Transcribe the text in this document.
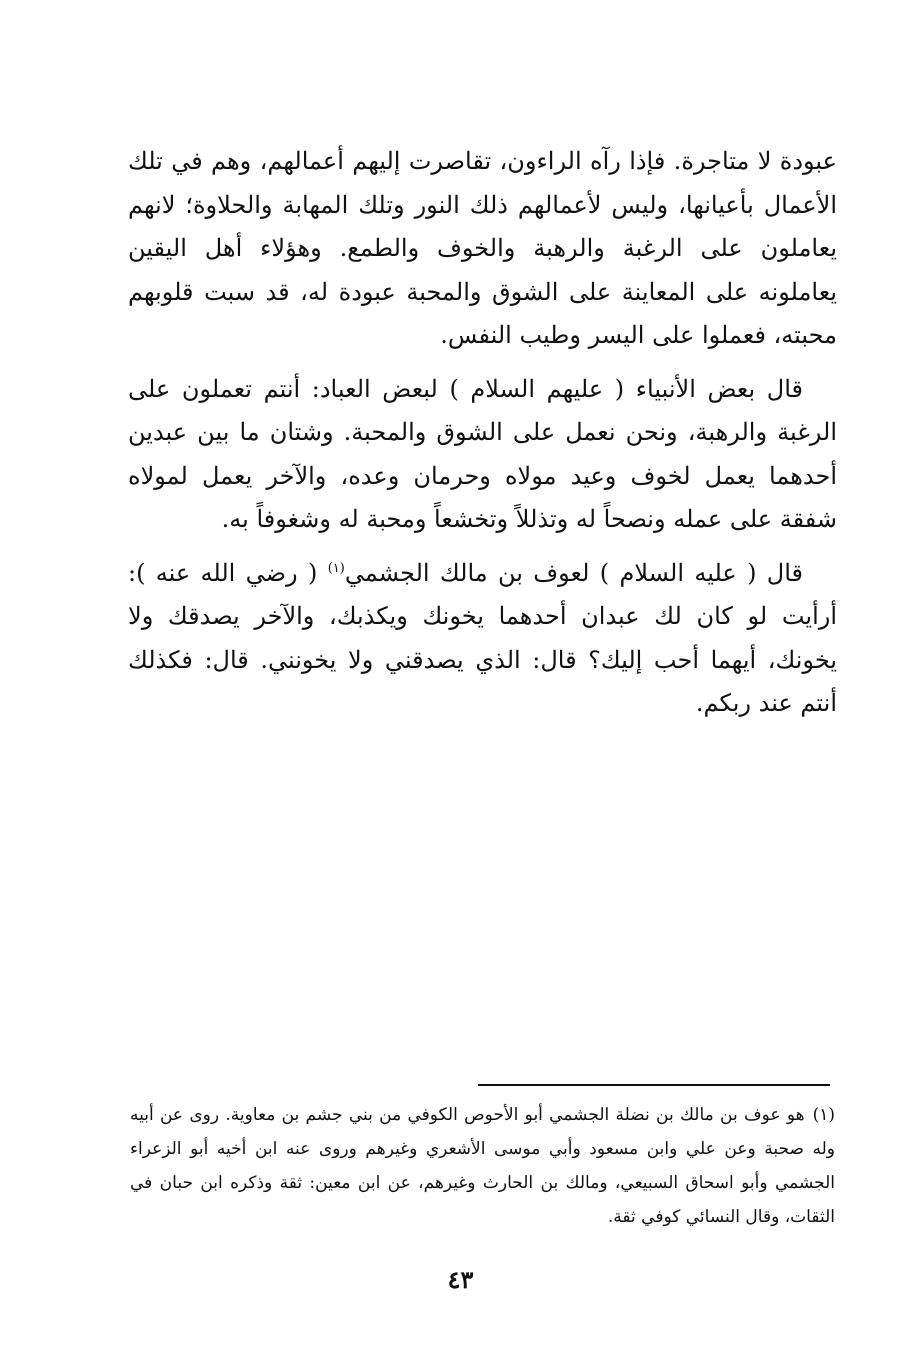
عبودة لا متاجرة. فإذا رآه الراءون، تقاصرت إليهم أعمالهم، وهم في تلك الأعمال بأعيانها، وليس لأعمالهم ذلك النور وتلك المهابة والحلاوة؛ لانهم يعاملون على الرغبة والرهبة والخوف والطمع. وهؤلاء أهل اليقين يعاملونه على المعاينة على الشوق والمحبة عبودة له، قد سبت قلوبهم محبته، فعملوا على اليسر وطيب النفس.

قال بعض الأنبياء ( عليهم السلام ) لبعض العباد: أنتم تعملون على الرغبة والرهبة، ونحن نعمل على الشوق والمحبة. وشتان ما بين عبدين أحدهما يعمل لخوف وعيد مولاه وحرمان وعده، والآخر يعمل لمولاه شفقة على عمله ونصحاً له وتذللاً وتخشعاً ومحبة له وشغوفاً به.

قال ( عليه السلام ) لعوف بن مالك الجشمي$^{(١)}$ ( رضي الله عنه ): أرأيت لو كان لك عبدان أحدهما يخونك ويكذبك، والآخر يصدقك ولا يخونك، أيهما أحب إليك؟ قال: الذي يصدقني ولا يخونني. قال: فكذلك أنتم عند ربكم.

(١)هو عوف بن مالك بن نضلة الجشمي أبو الأحوص الكوفي من بني جشم بن معاوية. روى عن أبيه وله صحبة وعن علي وابن مسعود وأبي موسى الأشعري وغيرهم وروى عنه ابن أخيه أبو الزعراء الجشمي وأبو اسحاق السبيعي، ومالك بن الحارث وغيرهم، عن ابن معين: ثقة وذكره ابن حبان في الثقات، وقال النسائي كوفي ثقة.
٤٣
